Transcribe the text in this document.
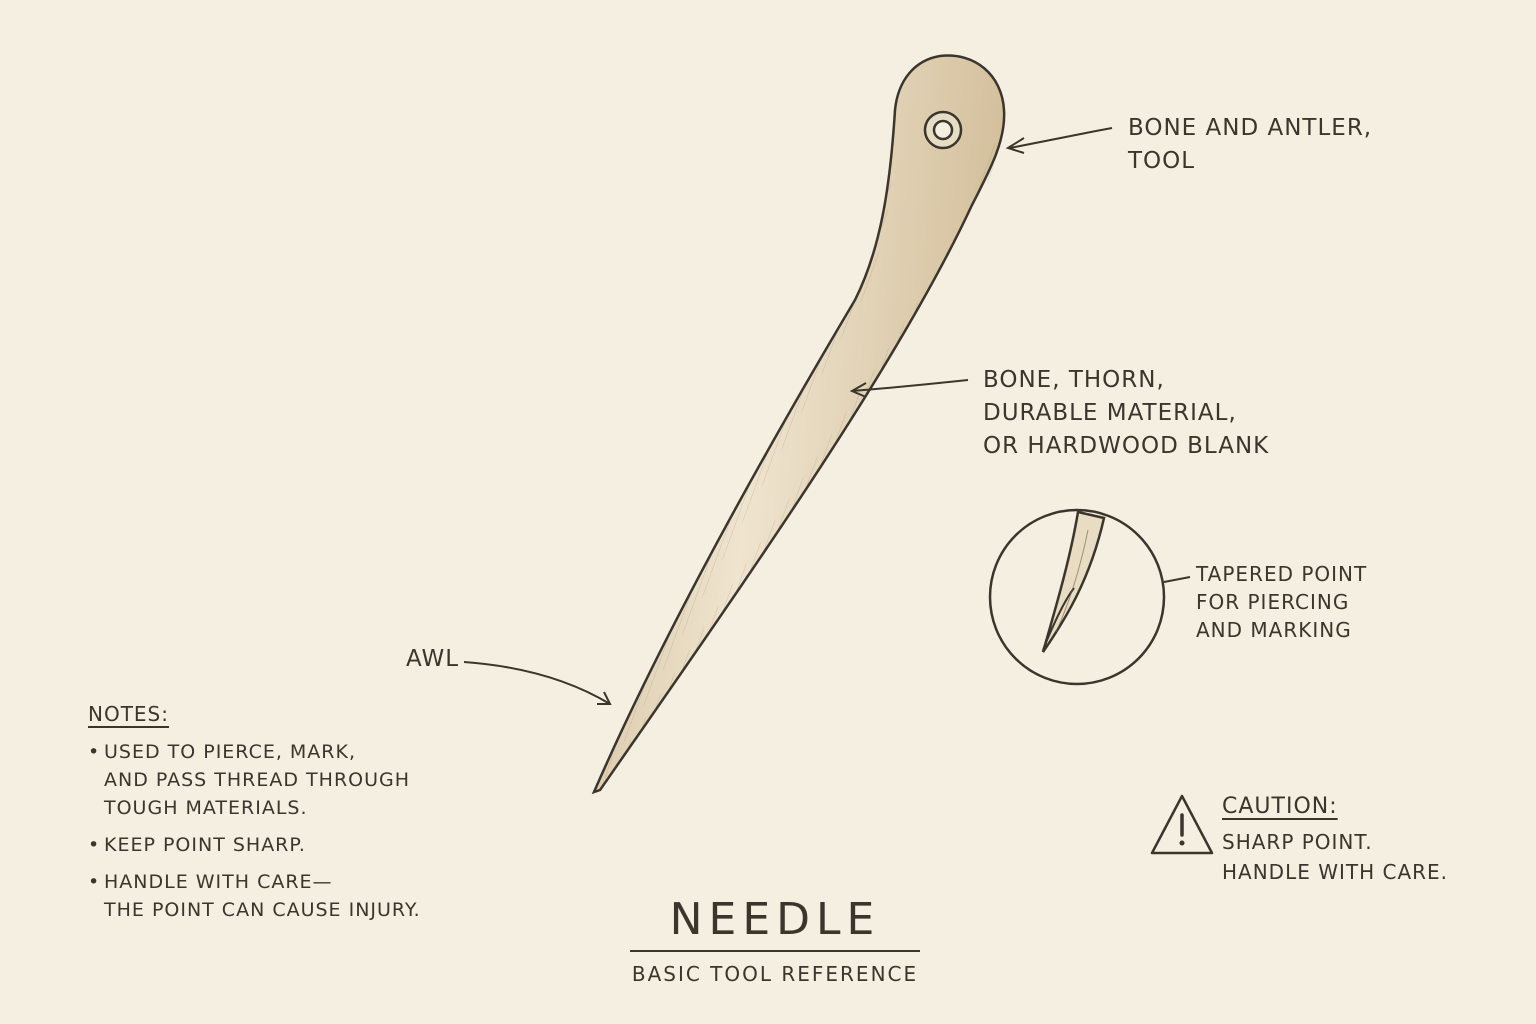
BONE AND ANTLER,
TOOL
BONE, THORN,
DURABLE MATERIAL,
OR HARDWOOD BLANK
AWL
TAPERED POINT
FOR PIERCING
AND MARKING
NOTES:
• USED TO PIERCE, MARK,
AND PASS THREAD THROUGH
TOUGH MATERIALS.
• KEEP POINT SHARP.
• HANDLE WITH CARE—
THE POINT CAN CAUSE INJURY.
CAUTION:
SHARP POINT.
HANDLE WITH CARE.
NEEDLE
BASIC TOOL REFERENCE
